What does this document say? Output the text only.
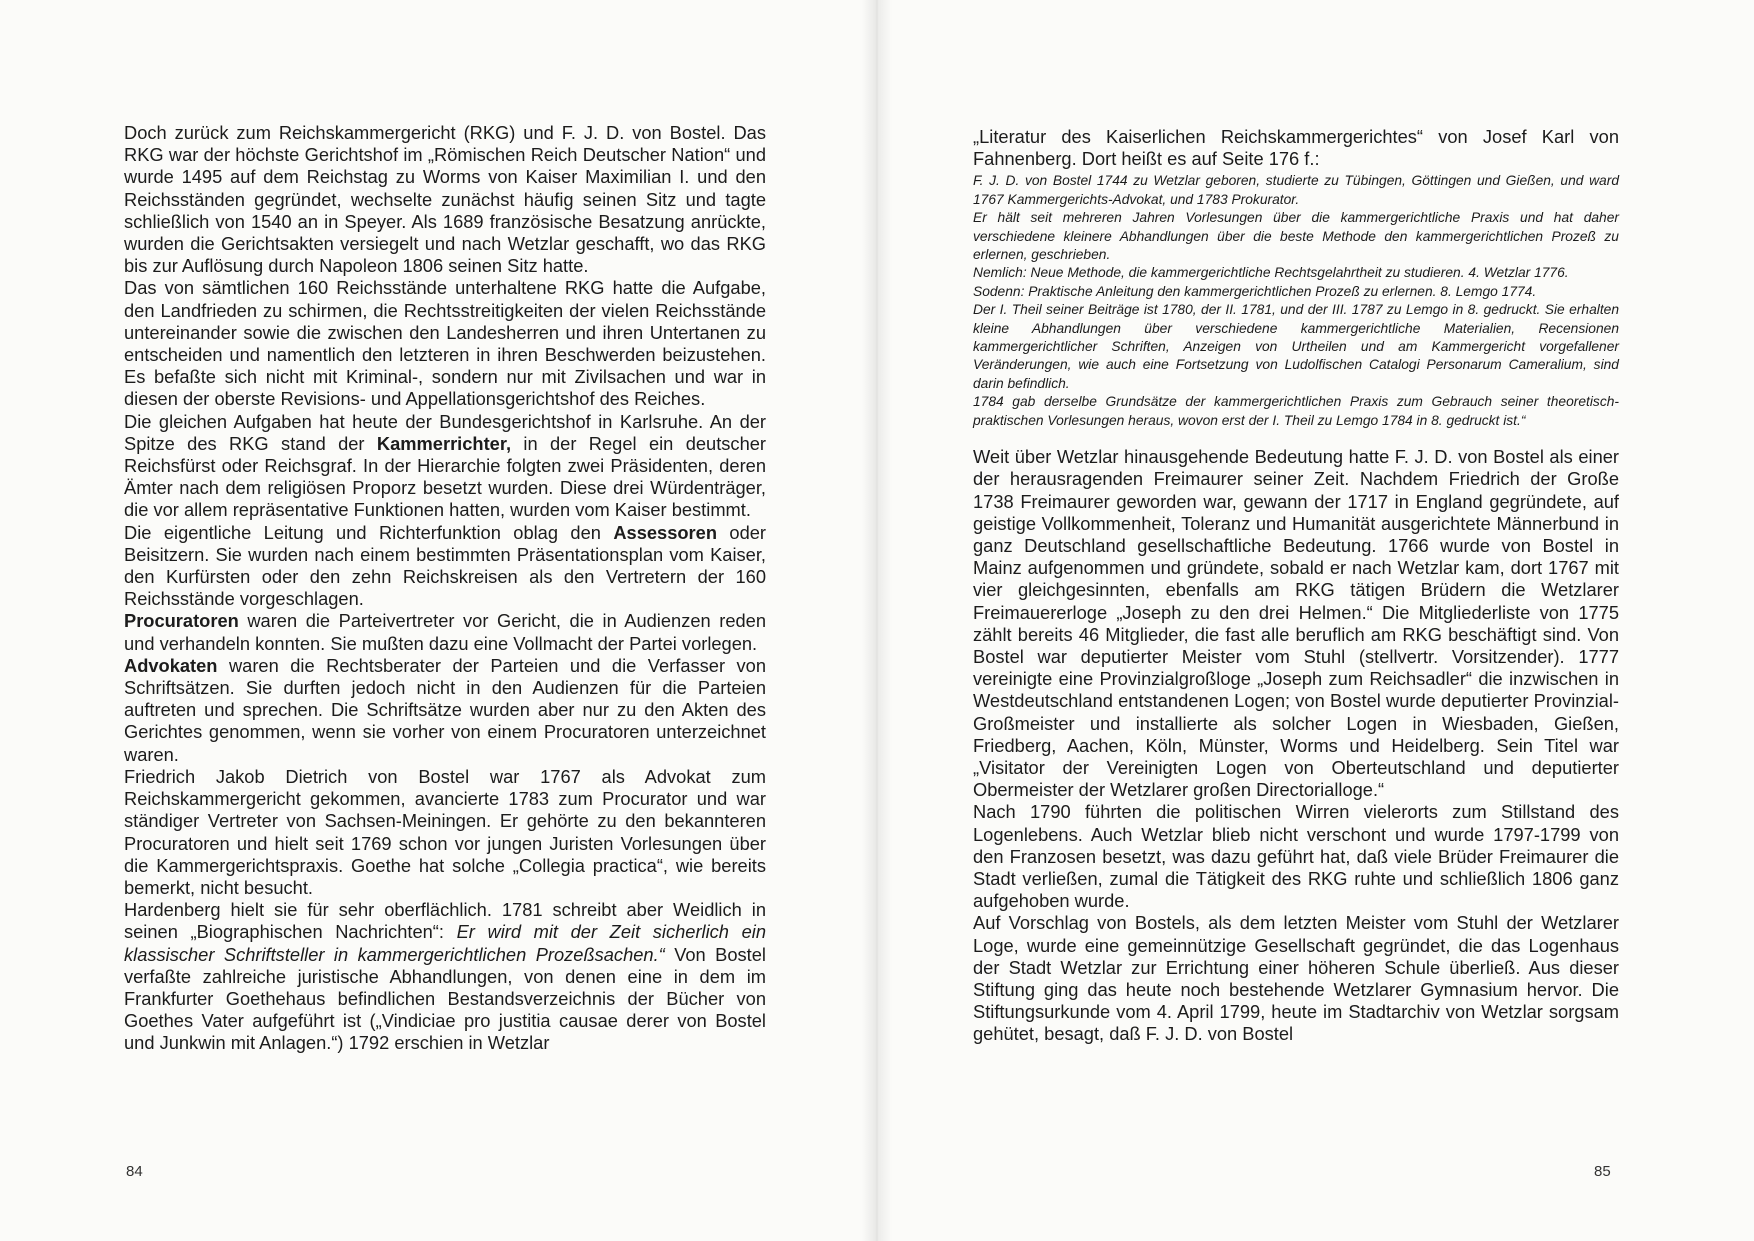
Doch zurück zum Reichskammergericht (RKG) und F. J. D. von Bostel. Das RKG war der höchste Gerichtshof im „Römischen Reich Deutscher Nation“ und wurde 1495 auf dem Reichstag zu Worms von Kaiser Maximilian I. und den Reichsständen gegründet, wechselte zunächst häufig seinen Sitz und tagte schließlich von 1540 an in Speyer. Als 1689 französische Besatzung anrückte, wurden die Gerichtsakten versiegelt und nach Wetzlar geschafft, wo das RKG bis zur Auflösung durch Napoleon 1806 seinen Sitz hatte.

Das von sämtlichen 160 Reichsstände unterhaltene RKG hatte die Aufgabe, den Landfrieden zu schirmen, die Rechtsstreitigkeiten der vielen Reichsstände untereinander sowie die zwischen den Landesherren und ihren Untertanen zu entscheiden und namentlich den letzteren in ihren Beschwerden beizustehen. Es befaßte sich nicht mit Kriminal-, sondern nur mit Zivilsachen und war in diesen der oberste Revisions- und Appellationsgerichtshof des Reiches.

Die gleichen Aufgaben hat heute der Bundesgerichtshof in Karlsruhe. An der Spitze des RKG stand der Kammerrichter, in der Regel ein deutscher Reichsfürst oder Reichsgraf. In der Hierarchie folgten zwei Präsidenten, deren Ämter nach dem religiösen Proporz besetzt wurden. Diese drei Würdenträger, die vor allem repräsentative Funktionen hatten, wurden vom Kaiser bestimmt.

Die eigentliche Leitung und Richterfunktion oblag den Assessoren oder Beisitzern. Sie wurden nach einem bestimmten Präsentationsplan vom Kaiser, den Kurfürsten oder den zehn Reichskreisen als den Vertretern der 160 Reichsstände vorgeschlagen.

Procuratoren waren die Parteivertreter vor Gericht, die in Audienzen reden und verhandeln konnten. Sie mußten dazu eine Vollmacht der Partei vorlegen.

Advokaten waren die Rechtsberater der Parteien und die Verfasser von Schriftsätzen. Sie durften jedoch nicht in den Audienzen für die Parteien auftreten und sprechen. Die Schriftsätze wurden aber nur zu den Akten des Gerichtes genommen, wenn sie vorher von einem Procuratoren unterzeichnet waren.

Friedrich Jakob Dietrich von Bostel war 1767 als Advokat zum Reichskammergericht gekommen, avancierte 1783 zum Procurator und war ständiger Vertreter von Sachsen-Meiningen. Er gehörte zu den bekannteren Procuratoren und hielt seit 1769 schon vor jungen Juristen Vorlesungen über die Kammergerichtspraxis. Goethe hat solche „Collegia practica“, wie bereits bemerkt, nicht besucht.

Hardenberg hielt sie für sehr oberflächlich. 1781 schreibt aber Weidlich in seinen „Biographischen Nachrichten“: Er wird mit der Zeit sicherlich ein klassischer Schriftsteller in kammergerichtlichen Prozeßsachen.“ Von Bostel verfaßte zahlreiche juristische Abhandlungen, von denen eine in dem im Frankfurter Goethehaus befindlichen Bestandsverzeichnis der Bücher von Goethes Vater aufgeführt ist („Vindiciae pro justitia causae derer von Bostel und Junkwin mit Anlagen.“) 1792 erschien in Wetzlar

„Literatur des Kaiserlichen Reichskammergerichtes“ von Josef Karl von Fahnenberg. Dort heißt es auf Seite 176 f.:

F. J. D. von Bostel 1744 zu Wetzlar geboren, studierte zu Tübingen, Göttingen und Gießen, und ward 1767 Kammergerichts-Advokat, und 1783 Prokurator.

Er hält seit mehreren Jahren Vorlesungen über die kammergerichtliche Praxis und hat daher verschiedene kleinere Abhandlungen über die beste Methode den kammergerichtlichen Prozeß zu erlernen, geschrieben.

Nemlich: Neue Methode, die kammergerichtliche Rechtsgelahrtheit zu studieren. 4. Wetzlar 1776.

Sodenn: Praktische Anleitung den kammergerichtlichen Prozeß zu erlernen. 8. Lemgo 1774.

Der I. Theil seiner Beiträge ist 1780, der II. 1781, und der III. 1787 zu Lemgo in 8. gedruckt. Sie erhalten kleine Abhandlungen über verschiedene kammergerichtliche Materialien, Recensionen kammergerichtlicher Schriften, Anzeigen von Urtheilen und am Kammergericht vorgefallener Veränderungen, wie auch eine Fortsetzung von Ludolfischen Catalogi Personarum Cameralium, sind darin befindlich.

1784 gab derselbe Grundsätze der kammergerichtlichen Praxis zum Gebrauch seiner theoretisch-praktischen Vorlesungen heraus, wovon erst der I. Theil zu Lemgo 1784 in 8. gedruckt ist.“

Weit über Wetzlar hinausgehende Bedeutung hatte F. J. D. von Bostel als einer der herausragenden Freimaurer seiner Zeit. Nachdem Friedrich der Große 1738 Freimaurer geworden war, gewann der 1717 in England gegründete, auf geistige Vollkommenheit, Toleranz und Humanität ausgerichtete Männerbund in ganz Deutschland gesellschaftliche Bedeutung. 1766 wurde von Bostel in Mainz aufgenommen und gründete, sobald er nach Wetzlar kam, dort 1767 mit vier gleichgesinnten, ebenfalls am RKG tätigen Brüdern die Wetzlarer Freimauererloge „Joseph zu den drei Helmen.“ Die Mitgliederliste von 1775 zählt bereits 46 Mitglieder, die fast alle beruflich am RKG beschäftigt sind. Von Bostel war deputierter Meister vom Stuhl (stellvertr. Vorsitzender). 1777 vereinigte eine Provinzialgroßloge „Joseph zum Reichsadler“ die inzwischen in Westdeutschland entstandenen Logen; von Bostel wurde deputierter Provinzial-Großmeister und installierte als solcher Logen in Wiesbaden, Gießen, Friedberg, Aachen, Köln, Münster, Worms und Heidelberg. Sein Titel war „Visitator der Vereinigten Logen von Oberteutschland und deputierter Obermeister der Wetzlarer großen Directorialloge.“

Nach 1790 führten die politischen Wirren vielerorts zum Stillstand des Logenlebens. Auch Wetzlar blieb nicht verschont und wurde 1797-1799 von den Franzosen besetzt, was dazu geführt hat, daß viele Brüder Freimaurer die Stadt verließen, zumal die Tätigkeit des RKG ruhte und schließlich 1806 ganz aufgehoben wurde.

Auf Vorschlag von Bostels, als dem letzten Meister vom Stuhl der Wetzlarer Loge, wurde eine gemeinnützige Gesellschaft gegründet, die das Logenhaus der Stadt Wetzlar zur Errichtung einer höheren Schule überließ. Aus dieser Stiftung ging das heute noch bestehende Wetzlarer Gymnasium hervor. Die Stiftungsurkunde vom 4. April 1799, heute im Stadtarchiv von Wetzlar sorgsam gehütet, besagt, daß F. J. D. von Bostel

84	85
